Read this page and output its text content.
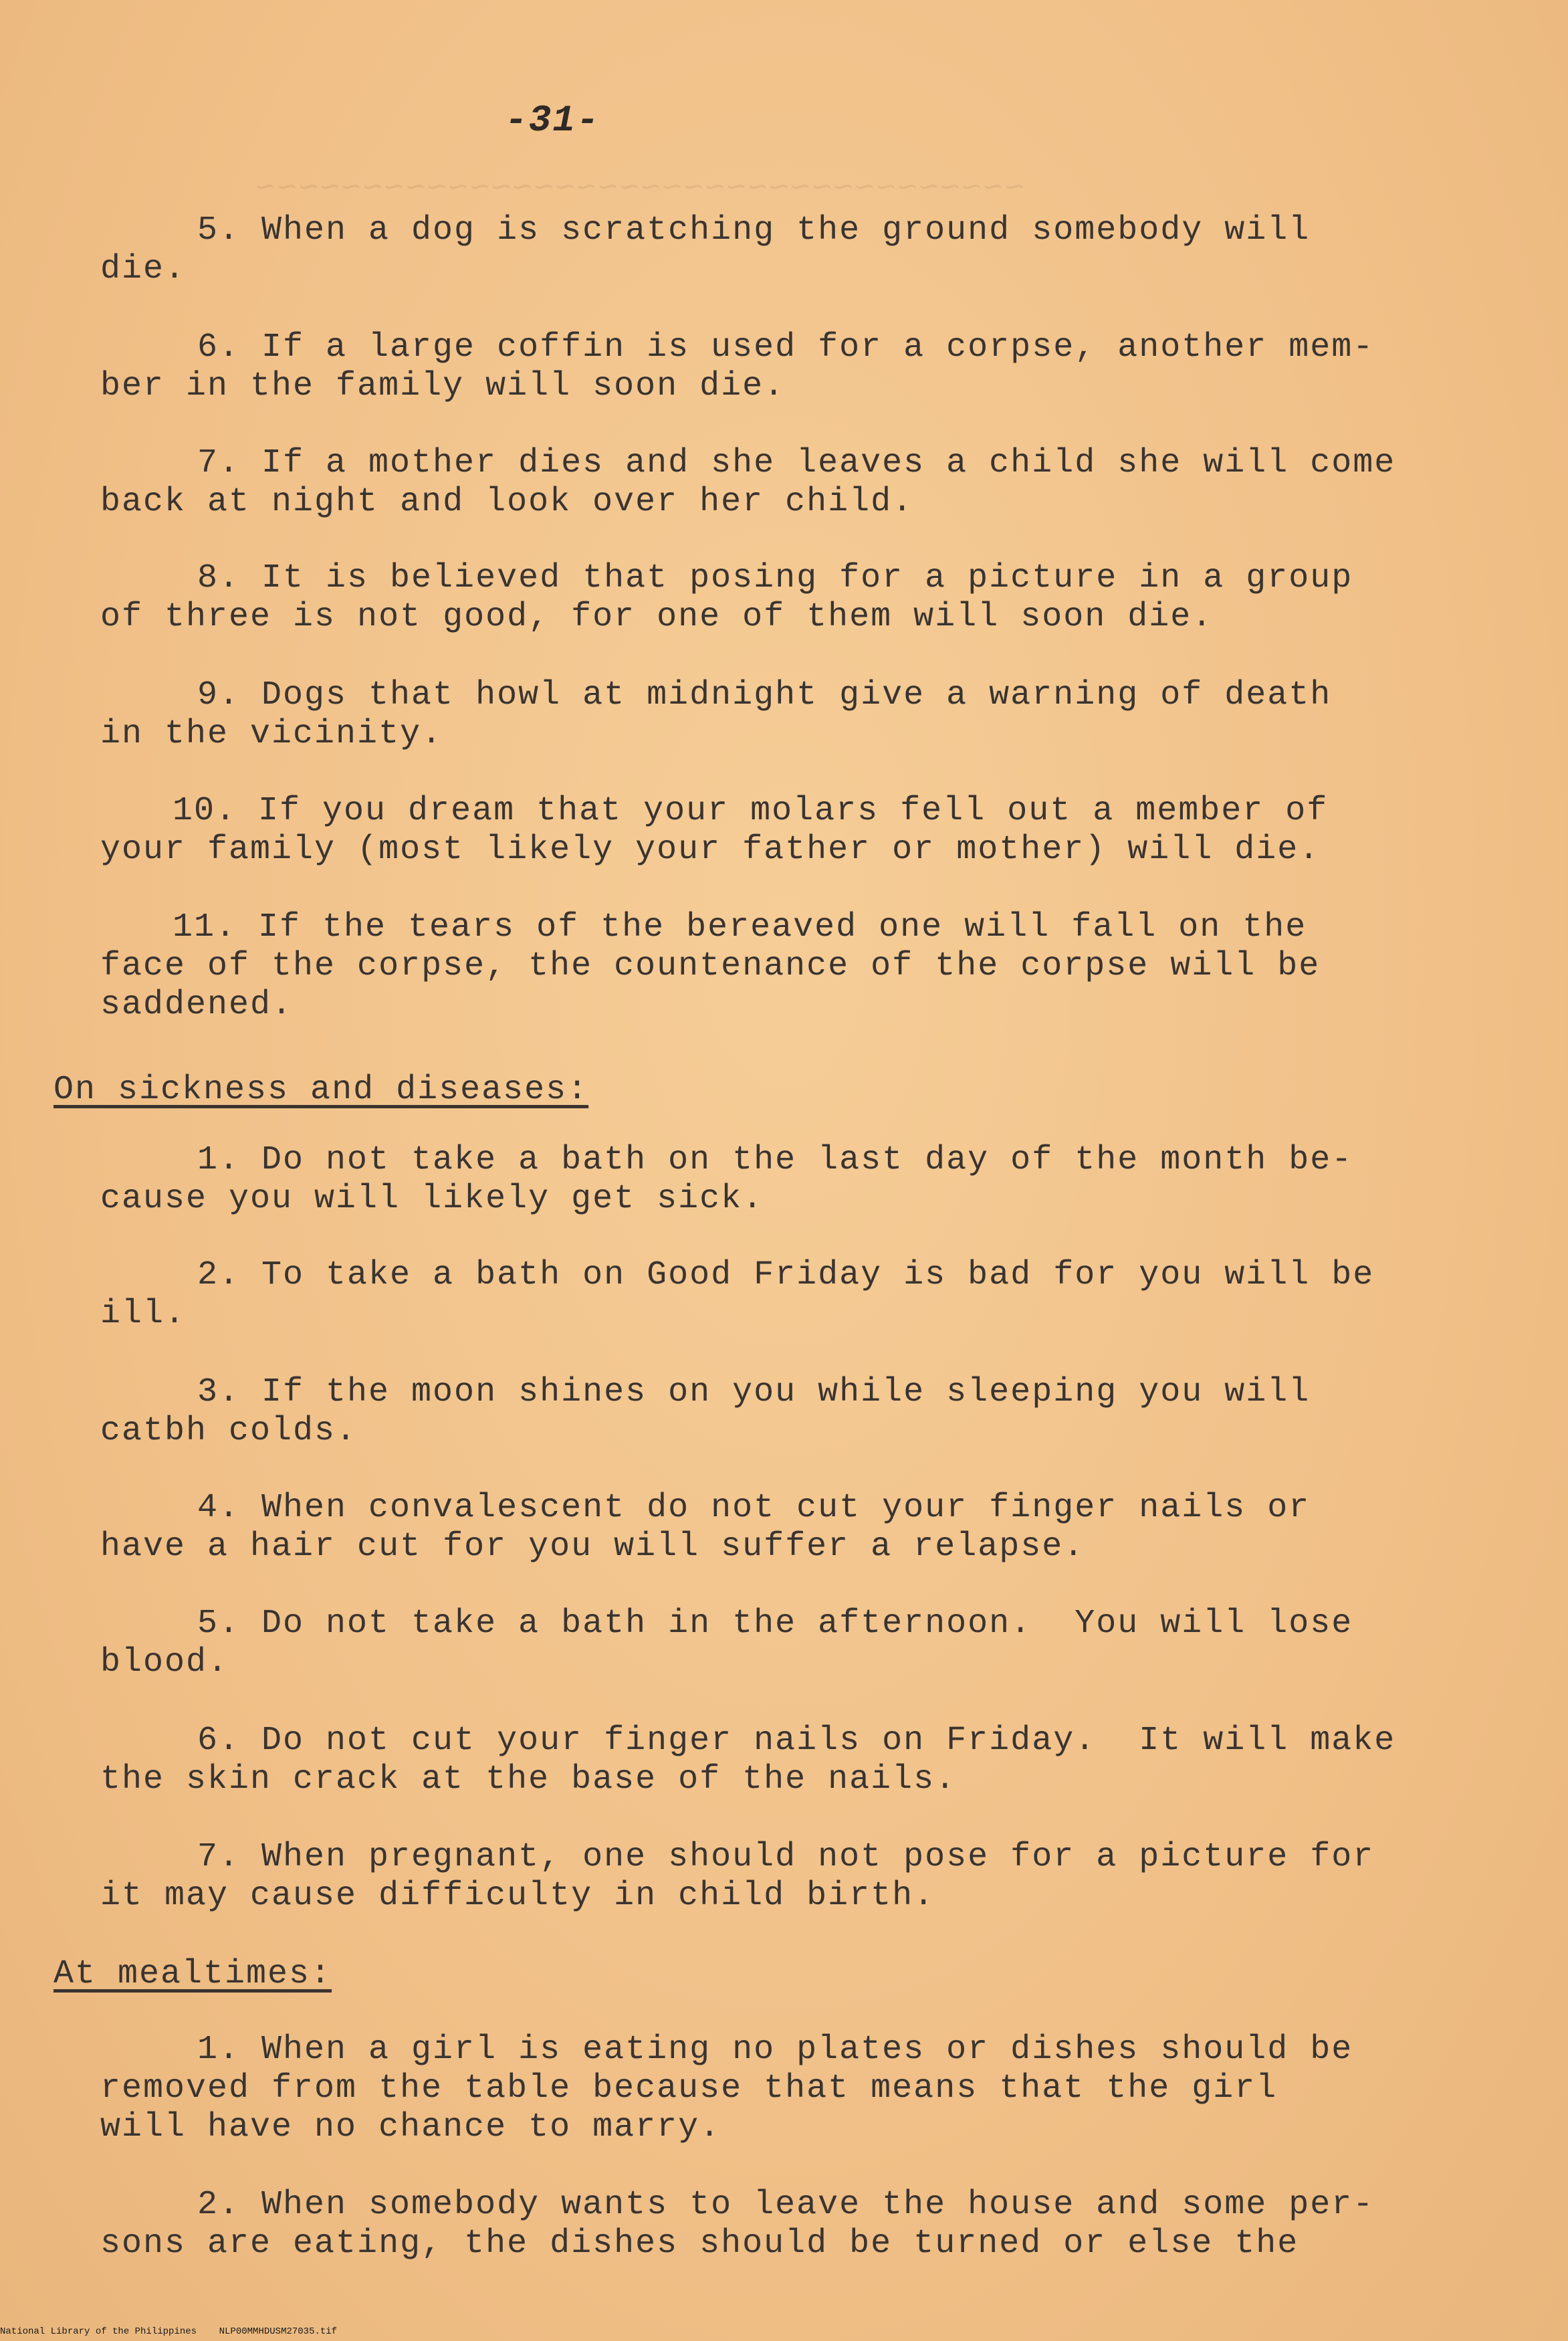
~~~~~~~~~~~~~~~~~~~~~~~~~~~~~~~~~~~~
-31-
5. When a dog is scratching the ground somebody will
die.
6. If a large coffin is used for a corpse, another mem-
ber in the family will soon die.
7. If a mother dies and she leaves a child she will come
back at night and look over her child.
8. It is believed that posing for a picture in a group
of three is not good, for one of them will soon die.
9. Dogs that howl at midnight give a warning of death
in the vicinity.
10. If you dream that your molars fell out a member of
your family (most likely your father or mother) will die.
11. If the tears of the bereaved one will fall on the
face of the corpse, the countenance of the corpse will be
saddened.
On sickness and diseases:
1. Do not take a bath on the last day of the month be-
cause you will likely get sick.
2. To take a bath on Good Friday is bad for you will be
ill.
3. If the moon shines on you while sleeping you will
catbh colds.
4. When convalescent do not cut your finger nails or
have a hair cut for you will suffer a relapse.
5. Do not take a bath in the afternoon.  You will lose
blood.
6. Do not cut your finger nails on Friday.  It will make
the skin crack at the base of the nails.
7. When pregnant, one should not pose for a picture for
it may cause difficulty in child birth.
At mealtimes:
1. When a girl is eating no plates or dishes should be
removed from the table because that means that the girl
will have no chance to marry.
2. When somebody wants to leave the house and some per-
sons are eating, the dishes should be turned or else the
National Library of the Philippines    NLP00MMHDUSM27035.tif
